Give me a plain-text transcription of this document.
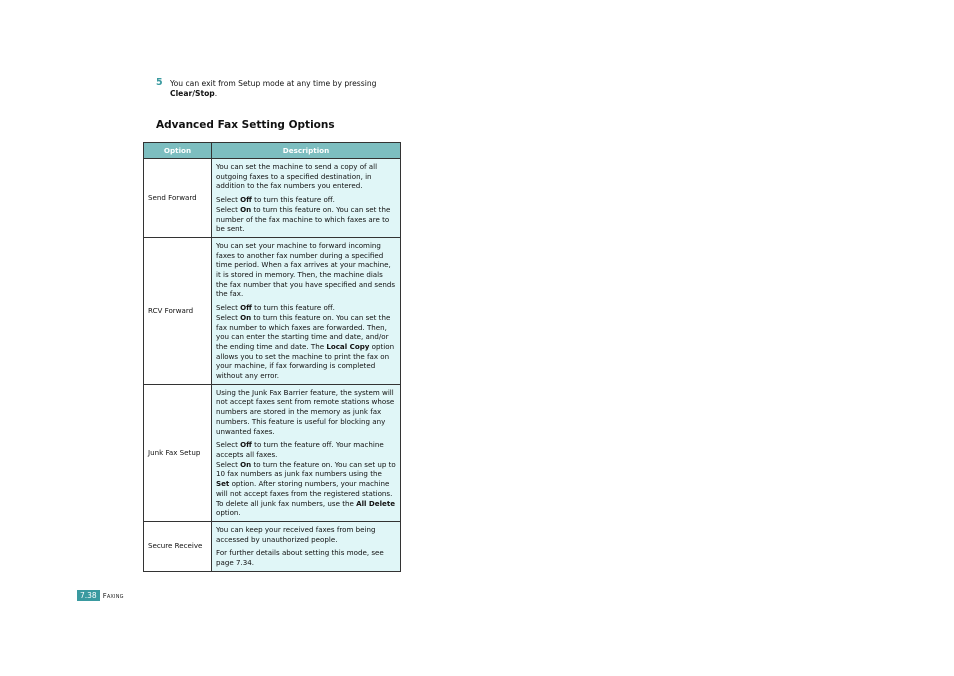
5 You can exit from Setup mode at any time by pressing
Clear/Stop.
Advanced Fax Setting Options
Option	Description
Send Forward	You can set the machine to send a copy of all outgoing faxes to a specified destination, in addition to the fax numbers you entered.

Select Off to turn this feature off.
Select On to turn this feature on. You can set the number of the fax machine to which faxes are to be sent.

RCV Forward	You can set your machine to forward incoming faxes to another fax number during a specified time period. When a fax arrives at your machine, it is stored in memory. Then, the machine dials the fax number that you have specified and sends the fax.

Select Off to turn this feature off.
Select On to turn this feature on. You can set the fax number to which faxes are forwarded. Then, you can enter the starting time and date, and/or the ending time and date. The Local Copy option allows you to set the machine to print the fax on your machine, if fax forwarding is completed without any error.

Junk Fax Setup	Using the Junk Fax Barrier feature, the system will not accept faxes sent from remote stations whose numbers are stored in the memory as junk fax numbers. This feature is useful for blocking any unwanted faxes.

Select Off to turn the feature off. Your machine accepts all faxes.
Select On to turn the feature on. You can set up to 10 fax numbers as junk fax numbers using the Set option. After storing numbers, your machine will not accept faxes from the registered stations. To delete all junk fax numbers, use the All Delete option.

Secure Receive	You can keep your received faxes from being accessed by unauthorized people.

For further details about setting this mode, see page 7.34.

7.38 Faxing
